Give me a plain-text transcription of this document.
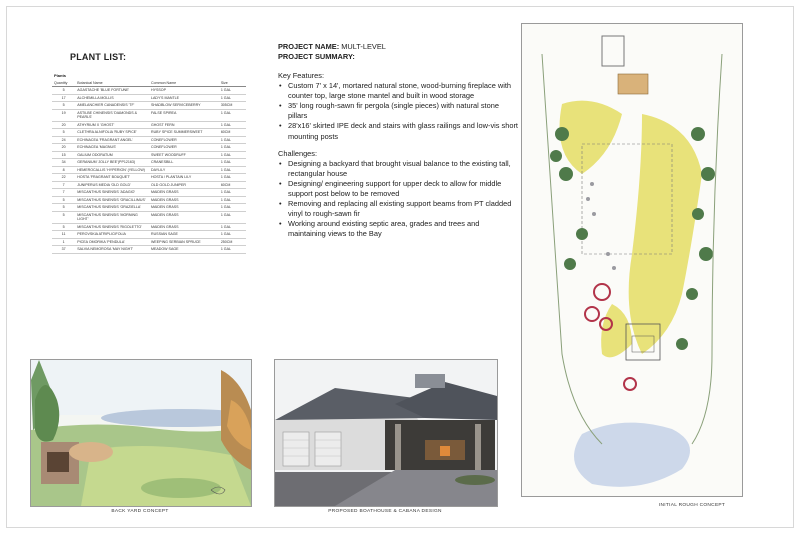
PLANT LIST:
Plants
Quantity	Botanical Name	Common Name	Size
5	AGASTACHE 'BLUE FORTUNE'	HYSSOP	1 GAL
17	ALCHEMILLA MOLLIS	LADY'S MANTLE	1 GAL
5	AMELANCHIER CANADENSIS 'TF'	SHADBLOW SERVICEBERRY	305CM
19	ASTILBE CHINENSIS 'DIAMONDS & PEARLS'	FALSE SPIREA	1 GAL
20	ATHYRIUM X 'GHOST'	GHOST FERN	1 GAL
5	CLETHRA ALNIFOLIA 'RUBY SPICE'	RUBY SPICE SUMMERSWEET	60CM
24	ECHINACEA 'FRAGRANT ANGEL'	CONEFLOWER	1 GAL
20	ECHINACEA 'MAGNUS'	CONEFLOWER	1 GAL
15	GALIUM ODORATUM	SWEET WOODRUFF	1 GAL
34	GERANIUM 'JOLLY BEE'(PP12163)	CRANESBILL	1 GAL
8	HEMEROCALLIS 'HYPERION' (YELLOW)	DAYLILY	1 GAL
22	HOSTA 'FRAGRANT BOUQUET'	HOSTA / PLANTAIN LILY	1 GAL
7	JUNIPERUS MEDIA 'OLD GOLD'	OLD GOLD JUNIPER	60CM
7	MISCANTHUS SINENSIS 'ADAGIO'	MAIDEN GRASS	1 GAL
5	MISCANTHUS SINENSIS 'GRACILLIMUS'	MAIDEN GRASS	1 GAL
5	MISCANTHUS SINENSIS 'GRAZIELLA'	MAIDEN GRASS	1 GAL
5	MISCANTHUS SINENSIS 'MORNING LIGHT'	MAIDEN GRASS	1 GAL
5	MISCANTHUS SINENSIS 'RIGOLETTO'	MAIDEN GRASS	1 GAL
11	PEROVSKIA ATRIPLICIFOLIA	RUSSIAN SAGE	1 GAL
1	PICEA OMORIKA 'PENDULA'	WEEPING SERBIAN SPRUCE	250CM
37	SALVIA NEMOROSA 'MAY NIGHT'	MEADOW SAGE	1 GAL
PROJECT NAME: MULT-LEVEL
PROJECT SUMMARY:
Key Features:
• Custom 7' x 14', mortared natural stone, wood-burning fireplace with counter top, large stone mantel and built in wood storage
• 35' long rough-sawn fir pergola (single pieces) with natural stone pillars
• 28'x16' skirted IPE deck and stairs with glass railings and low-vis short mounting posts
Challenges:
• Designing a backyard that brought visual balance to the existing tall, rectangular house
• Designing/ engineering support for upper deck to allow for middle support post below to be removed
• Removing and replacing all existing support beams from PT cladded vinyl to rough-sawn fir
• Working around existing septic area, grades and trees and maintaining views to the Bay
BACK YARD CONCEPT	PROPOSED BOATHOUSE & CABANA DESIGN
INITIAL ROUGH CONCEPT
